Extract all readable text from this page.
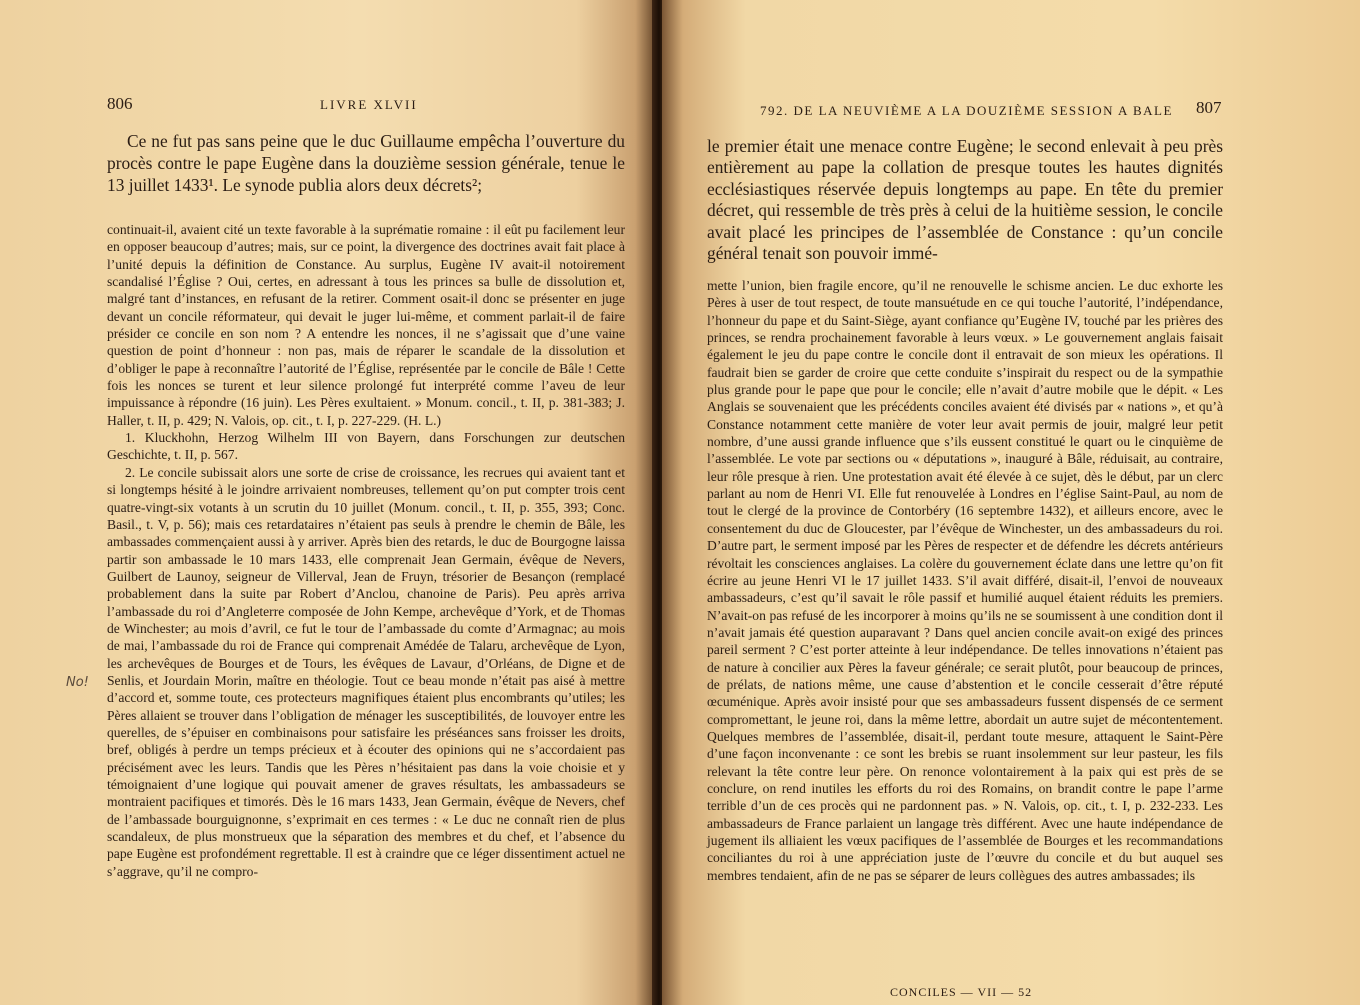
806	LIVRE XLVII

Ce ne fut pas sans peine que le duc Guillaume empêcha l’ouverture du procès contre le pape Eugène dans la douzième session générale, tenue le 13 juillet 1433¹. Le synode publia alors deux décrets²;

continuait-il, avaient cité un texte favorable à la suprématie romaine : il eût pu facilement leur en opposer beaucoup d’autres; mais, sur ce point, la divergence des doctrines avait fait place à l’unité depuis la définition de Constance. Au surplus, Eugène IV avait-il notoirement scandalisé l’Église ? Oui, certes, en adressant à tous les princes sa bulle de dissolution et, malgré tant d’instances, en refusant de la retirer. Comment osait-il donc se présenter en juge devant un concile réformateur, qui devait le juger lui-même, et comment parlait-il de faire présider ce concile en son nom ? A entendre les nonces, il ne s’agissait que d’une vaine question de point d’honneur : non pas, mais de réparer le scandale de la dissolution et d’obliger le pape à reconnaître l’autorité de l’Église, représentée par le concile de Bâle ! Cette fois les nonces se turent et leur silence prolongé fut interprété comme l’aveu de leur impuissance à répondre (16 juin). Les Pères exultaient. » Monum. concil., t. II, p. 381-383; J. Haller, t. II, p. 429; N. Valois, op. cit., t. I, p. 227-229. (H. L.)

1. Kluckhohn, Herzog Wilhelm III von Bayern, dans Forschungen zur deutschen Geschichte, t. II, p. 567.

2. Le concile subissait alors une sorte de crise de croissance, les recrues qui avaient tant et si longtemps hésité à le joindre arrivaient nombreuses, tellement qu’on put compter trois cent quatre-vingt-six votants à un scrutin du 10 juillet (Monum. concil., t. II, p. 355, 393; Conc. Basil., t. V, p. 56); mais ces retardataires n’étaient pas seuls à prendre le chemin de Bâle, les ambassades commençaient aussi à y arriver. Après bien des retards, le duc de Bourgogne laissa partir son ambassade le 10 mars 1433, elle comprenait Jean Germain, évêque de Nevers, Guilbert de Launoy, seigneur de Villerval, Jean de Fruyn, trésorier de Besançon (remplacé probablement dans la suite par Robert d’Anclou, chanoine de Paris). Peu après arriva l’ambassade du roi d’Angleterre composée de John Kempe, archevêque d’York, et de Thomas de Winchester; au mois d’avril, ce fut le tour de l’ambassade du comte d’Armagnac; au mois de mai, l’ambassade du roi de France qui comprenait Amédée de Talaru, archevêque de Lyon, les archevêques de Bourges et de Tours, les évêques de Lavaur, d’Orléans, de Digne et de Senlis, et Jourdain Morin, maître en théologie. Tout ce beau monde n’était pas aisé à mettre d’accord et, somme toute, ces protecteurs magnifiques étaient plus encombrants qu’utiles; les Pères allaient se trouver dans l’obligation de ménager les susceptibilités, de louvoyer entre les querelles, de s’épuiser en combinaisons pour satisfaire les préséances sans froisser les droits, bref, obligés à perdre un temps précieux et à écouter des opinions qui ne s’accordaient pas précisément avec les leurs. Tandis que les Pères n’hésitaient pas dans la voie choisie et y témoignaient d’une logique qui pouvait amener de graves résultats, les ambassadeurs se montraient pacifiques et timorés. Dès le 16 mars 1433, Jean Germain, évêque de Nevers, chef de l’ambassade bourguignonne, s’exprimait en ces termes : « Le duc ne connaît rien de plus scandaleux, de plus monstrueux que la séparation des membres et du chef, et l’absence du pape Eugène est profondément regrettable. Il est à craindre que ce léger dissentiment actuel ne s’aggrave, qu’il ne compro-

No!
792. DE LA NEUVIÈME A LA DOUZIÈME SESSION A BALE 807

le premier était une menace contre Eugène; le second enlevait à peu près entièrement au pape la collation de presque toutes les hautes dignités ecclésiastiques réservée depuis longtemps au pape. En tête du premier décret, qui ressemble de très près à celui de la huitième session, le concile avait placé les principes de l’assemblée de Constance : qu’un concile général tenait son pouvoir immé-

mette l’union, bien fragile encore, qu’il ne renouvelle le schisme ancien. Le duc exhorte les Pères à user de tout respect, de toute mansuétude en ce qui touche l’autorité, l’indépendance, l’honneur du pape et du Saint-Siège, ayant confiance qu’Eugène IV, touché par les prières des princes, se rendra prochainement favorable à leurs vœux. » Le gouvernement anglais faisait également le jeu du pape contre le concile dont il entravait de son mieux les opérations. Il faudrait bien se garder de croire que cette conduite s’inspirait du respect ou de la sympathie plus grande pour le pape que pour le concile; elle n’avait d’autre mobile que le dépit. « Les Anglais se souvenaient que les précédents conciles avaient été divisés par « nations », et qu’à Constance notamment cette manière de voter leur avait permis de jouir, malgré leur petit nombre, d’une aussi grande influence que s’ils eussent constitué le quart ou le cinquième de l’assemblée. Le vote par sections ou « députations », inauguré à Bâle, réduisait, au contraire, leur rôle presque à rien. Une protestation avait été élevée à ce sujet, dès le début, par un clerc parlant au nom de Henri VI. Elle fut renouvelée à Londres en l’église Saint-Paul, au nom de tout le clergé de la province de Contorbéry (16 septembre 1432), et ailleurs encore, avec le consentement du duc de Gloucester, par l’évêque de Winchester, un des ambassadeurs du roi. D’autre part, le serment imposé par les Pères de respecter et de défendre les décrets antérieurs révoltait les consciences anglaises. La colère du gouvernement éclate dans une lettre qu’on fit écrire au jeune Henri VI le 17 juillet 1433. S’il avait différé, disait-il, l’envoi de nouveaux ambassadeurs, c’est qu’il savait le rôle passif et humilié auquel étaient réduits les premiers. N’avait-on pas refusé de les incorporer à moins qu’ils ne se soumissent à une condition dont il n’avait jamais été question auparavant ? Dans quel ancien concile avait-on exigé des princes pareil serment ? C’est porter atteinte à leur indépendance. De telles innovations n’étaient pas de nature à concilier aux Pères la faveur générale; ce serait plutôt, pour beaucoup de princes, de prélats, de nations même, une cause d’abstention et le concile cesserait d’être réputé œcuménique. Après avoir insisté pour que ses ambassadeurs fussent dispensés de ce serment compromettant, le jeune roi, dans la même lettre, abordait un autre sujet de mécontentement. Quelques membres de l’assemblée, disait-il, perdant toute mesure, attaquent le Saint-Père d’une façon inconvenante : ce sont les brebis se ruant insolemment sur leur pasteur, les fils relevant la tête contre leur père. On renonce volontairement à la paix qui est près de se conclure, on rend inutiles les efforts du roi des Romains, on brandit contre le pape l’arme terrible d’un de ces procès qui ne pardonnent pas. » N. Valois, op. cit., t. I, p. 232-233. Les ambassadeurs de France parlaient un langage très différent. Avec une haute indépendance de jugement ils alliaient les vœux pacifiques de l’assemblée de Bourges et les recommandations conciliantes du roi à une appréciation juste de l’œuvre du concile et du but auquel ses membres tendaient, afin de ne pas se séparer de leurs collègues des autres ambassades; ils

CONCILES — VII — 52
